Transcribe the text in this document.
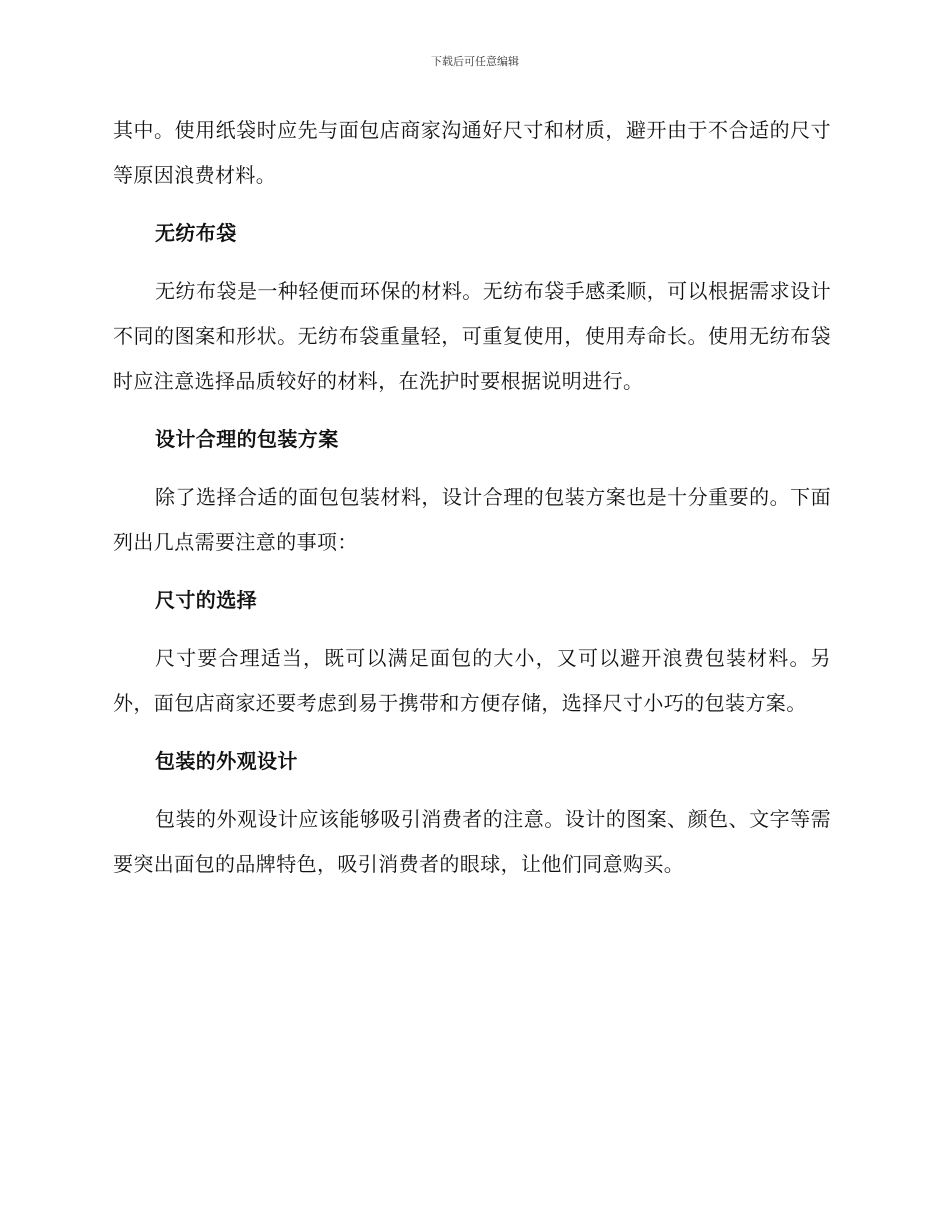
下载后可任意编辑

其中。使用纸袋时应先与面包店商家沟通好尺寸和材质，避开由于不合适的尺寸等原因浪费材料。

无纺布袋

无纺布袋是一种轻便而环保的材料。无纺布袋手感柔顺，可以根据需求设计不同的图案和形状。无纺布袋重量轻，可重复使用，使用寿命长。使用无纺布袋时应注意选择品质较好的材料，在洗护时要根据说明进行。

设计合理的包装方案

除了选择合适的面包包装材料，设计合理的包装方案也是十分重要的。下面列出几点需要注意的事项：

尺寸的选择

尺寸要合理适当，既可以满足面包的大小，又可以避开浪费包装材料。另外，面包店商家还要考虑到易于携带和方便存储，选择尺寸小巧的包装方案。

包装的外观设计

包装的外观设计应该能够吸引消费者的注意。设计的图案、颜色、文字等需要突出面包的品牌特色，吸引消费者的眼球，让他们同意购买。
